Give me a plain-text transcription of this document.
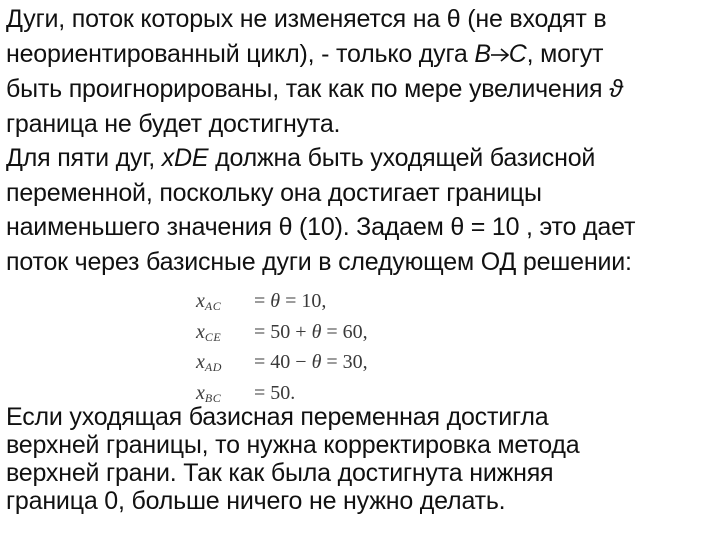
Дуги, поток которых не изменяется на θ (не входят в
неориентированный цикл), - только дуга B C, могут
быть проигнорированы, так как по мере увеличения ϑ
граница не будет достигнута.
Для пяти дуг, xDE должна быть уходящей базисной
переменной, поскольку она достигает границы
наименьшего значения θ (10). Задаем θ = 10 , это дает
поток через базисные дуги в следующем ОД решении:
$x_{AC}$	= θ = 10,
$x_{CE}$	= 50 + θ = 60,
$x_{AD}$	= 40 − θ = 30,
$x_{BC}$	= 50.
Если уходящая базисная переменная достигла
верхней границы, то нужна корректировка метода
верхней грани. Так как была достигнута нижняя
граница 0, больше ничего не нужно делать.
